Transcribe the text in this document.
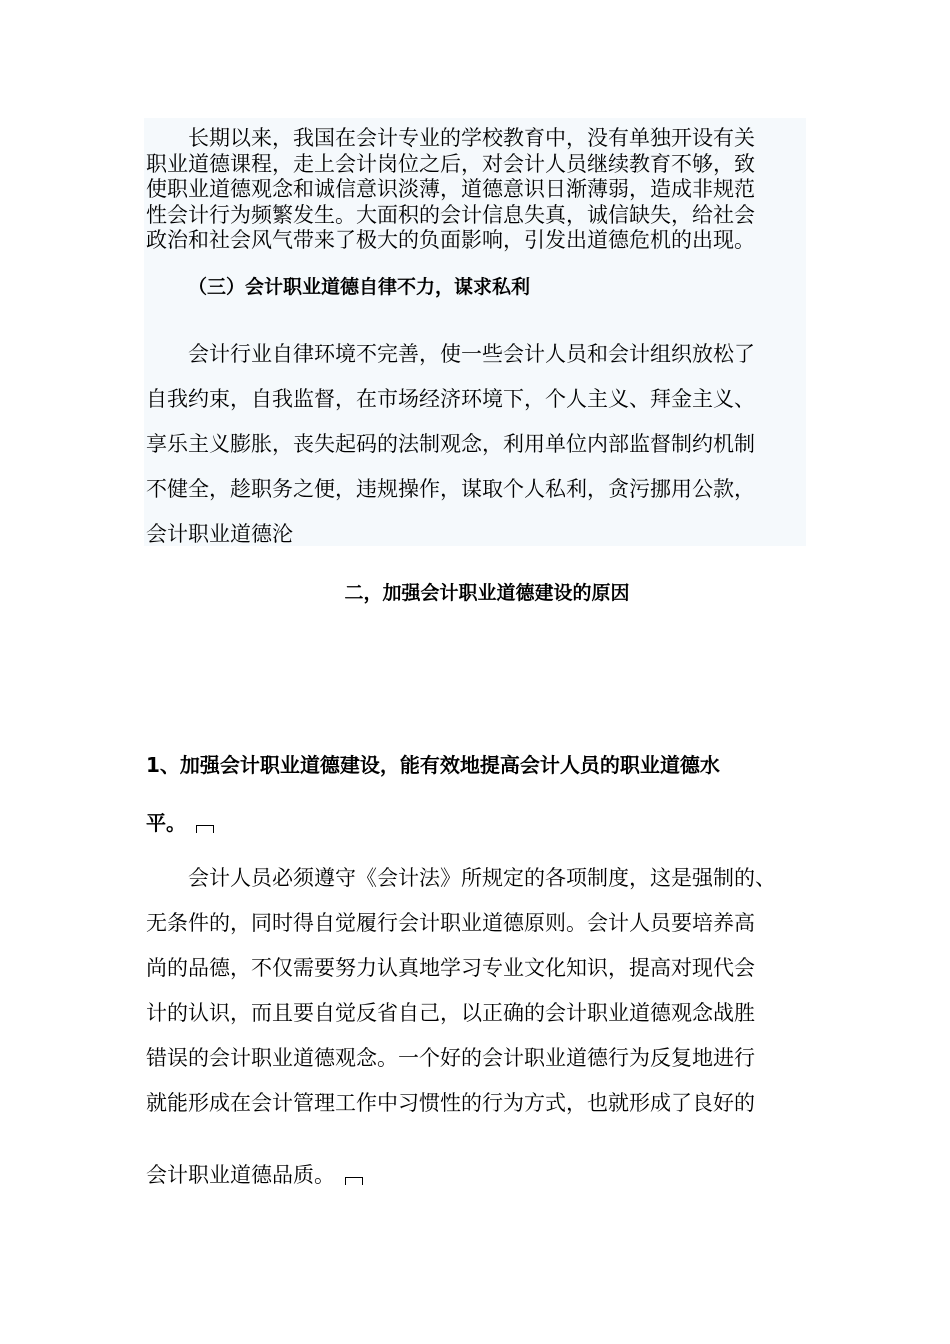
长期以来，我国在会计专业的学校教育中，没有单独开设有关
职业道德课程，走上会计岗位之后，对会计人员继续教育不够，致
使职业道德观念和诚信意识淡薄，道德意识日渐薄弱，造成非规范
性会计行为频繁发生。大面积的会计信息失真，诚信缺失，给社会
政治和社会风气带来了极大的负面影响，引发出道德危机的出现。

（三）会计职业道德自律不力，谋求私利

会计行业自律环境不完善，使一些会计人员和会计组织放松了
自我约束，自我监督，在市场经济环境下，个人主义、拜金主义、
享乐主义膨胀，丧失起码的法制观念，利用单位内部监督制约机制
不健全，趁职务之便，违规操作，谋取个人私利，贪污挪用公款，
会计职业道德沦

二，加强会计职业道德建设的原因
1、加强会计职业道德建设，能有效地提高会计人员的职业道德水
平。

会计人员必须遵守《会计法》所规定的各项制度，这是强制的、
无条件的，同时得自觉履行会计职业道德原则。会计人员要培养高
尚的品德，不仅需要努力认真地学习专业文化知识，提高对现代会
计的认识，而且要自觉反省自己，以正确的会计职业道德观念战胜
错误的会计职业道德观念。一个好的会计职业道德行为反复地进行
就能形成在会计管理工作中习惯性的行为方式，也就形成了良好的

会计职业道德品质。
